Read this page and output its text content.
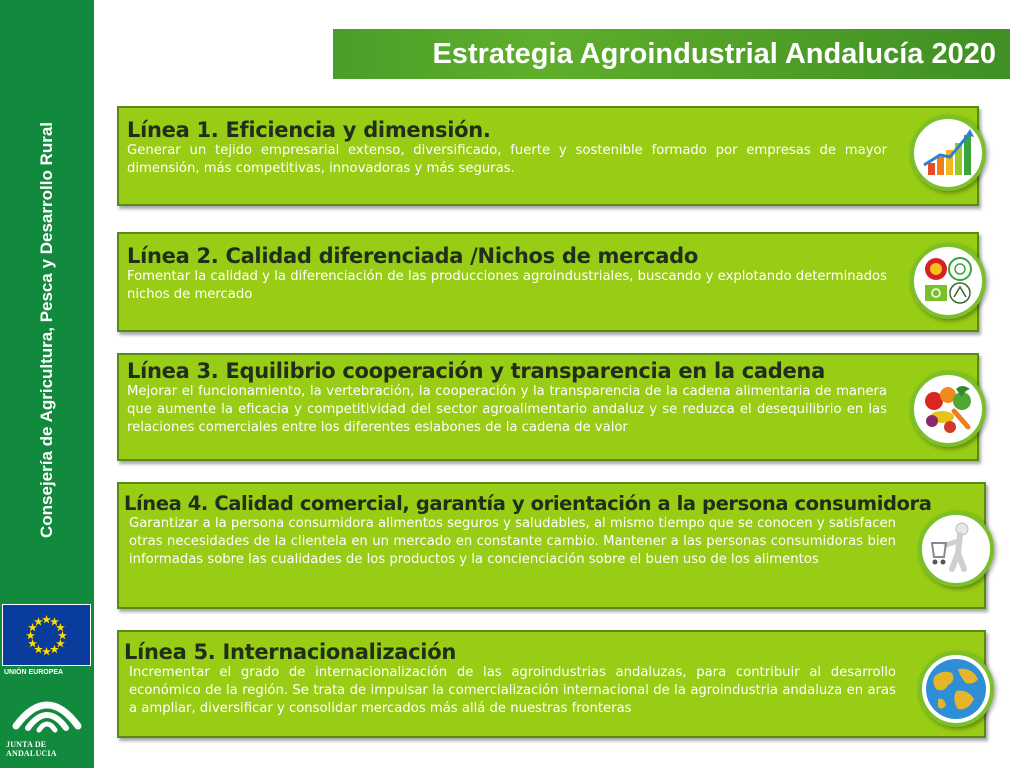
Consejería de Agricultura, Pesca y Desarrollo Rural
UNIÓN EUROPEA
JUNTA DE ANDALUCIA
Estrategia Agroindustrial Andalucía 2020
Línea 1. Eficiencia y dimensión.

Generar un tejido empresarial extenso, diversificado, fuerte y sostenible formado por empresas de mayor dimensión, más competitivas, innovadoras y más seguras.

Línea 2. Calidad diferenciada /Nichos de mercado

Fomentar la calidad y la diferenciación de las producciones agroindustriales, buscando y explotando determinados nichos de mercado

Línea 3. Equilibrio cooperación y transparencia en la cadena

Mejorar el funcionamiento, la vertebración, la cooperación y la transparencia de la cadena alimentaria de manera que aumente la eficacia y competitividad del sector agroalimentario andaluz y se reduzca el desequilibrio en las relaciones comerciales entre los diferentes eslabones de la cadena de valor

Línea 4. Calidad comercial, garantía y orientación a la persona consumidora

Garantizar a la persona consumidora alimentos seguros y saludables, al mismo tiempo que se conocen y satisfacen otras necesidades de la clientela en un mercado en constante cambio. Mantener a las personas consumidoras bien informadas sobre las cualidades de los productos y la concienciación sobre el buen uso de los alimentos

Línea 5. Internacionalización

Incrementar el grado de internacionalización de las agroindustrias andaluzas, para contribuir al desarrollo económico de la región. Se trata de impulsar la comercialización internacional de la agroindustria andaluza en aras a ampliar, diversificar y consolidar mercados más allá de nuestras fronteras
